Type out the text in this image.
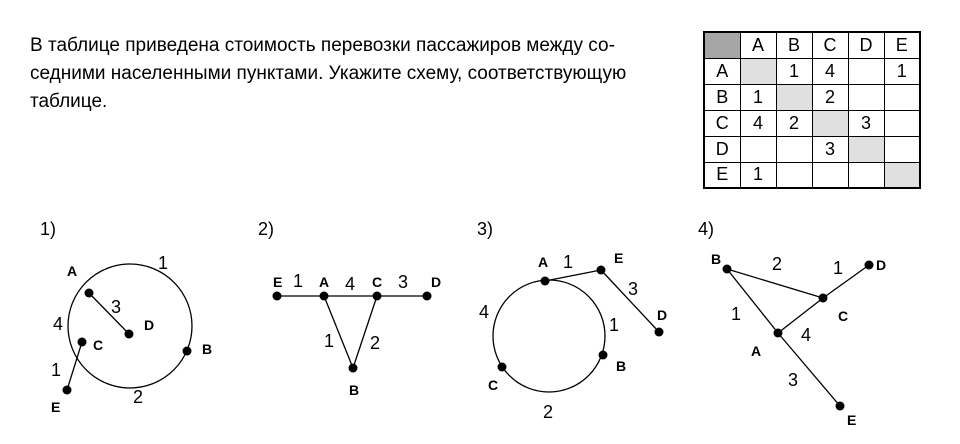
В таблице приведена стоимость перевозки пассажиров между со-
седними населенными пунктами. Укажите схему, соответствующую
таблице.

	A	B	C	D	E
A		1	4		1
B	1		2		
C	4	2		3	
D			3		
E	1				
1)
A
D
C
E
B
1
3
4
1
2
2)
E	A	C	D
B
1 4 3
1 2
3)
A	E
D
B
C
1
3
4
1
2
4)
B
C
D
A
E
2	1
1
4
3
